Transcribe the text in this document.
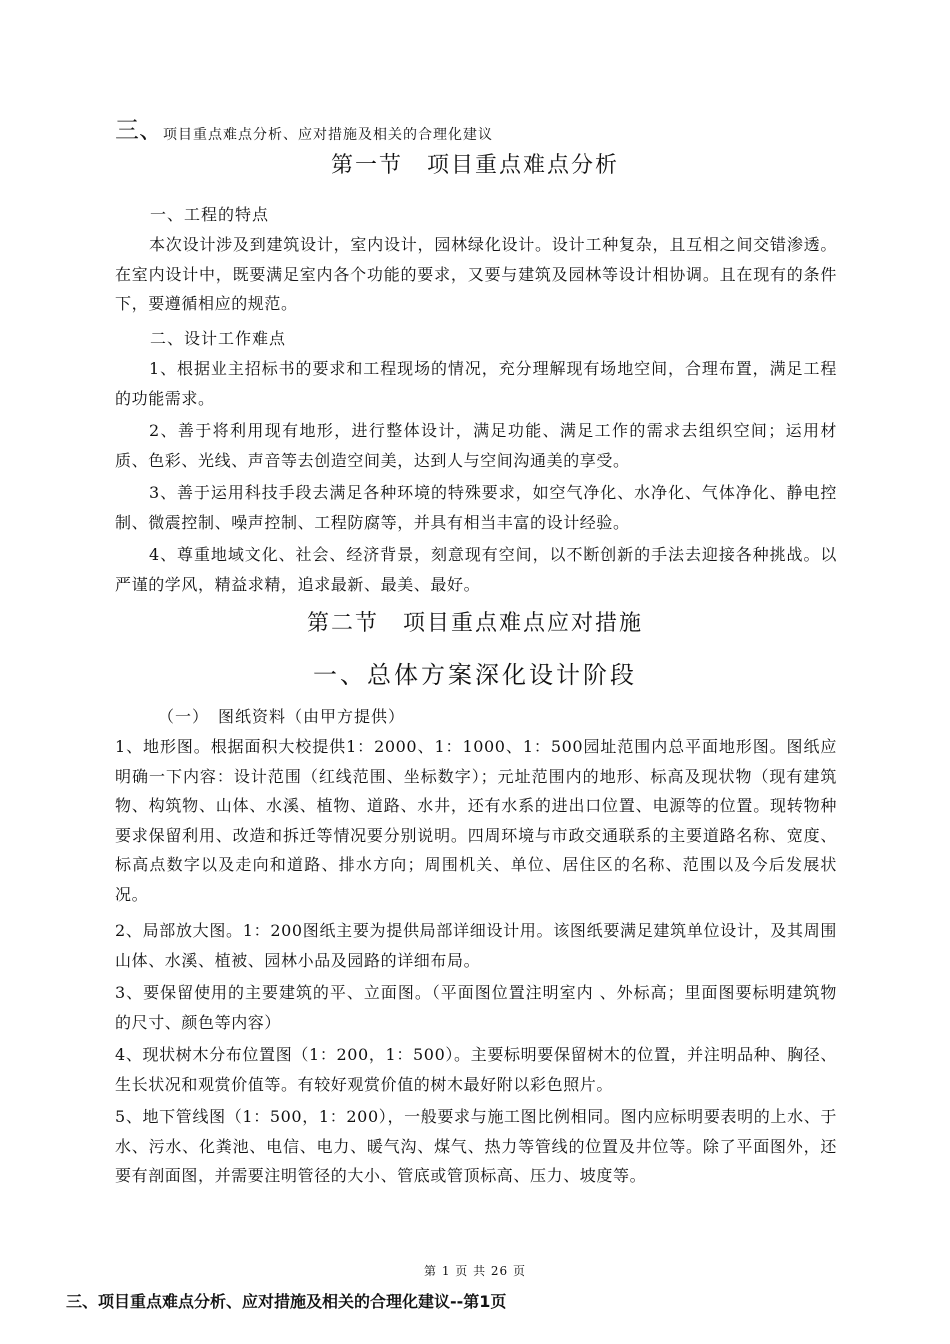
三、 项目重点难点分析、应对措施及相关的合理化建议
第一节　项目重点难点分析
一、工程的特点
本次设计涉及到建筑设计，室内设计，园林绿化设计。设计工种复杂，且互相之间交错渗透。在室内设计中，既要满足室内各个功能的要求，又要与建筑及园林等设计相协调。且在现有的条件下，要遵循相应的规范。
二、设计工作难点
1、根据业主招标书的要求和工程现场的情况，充分理解现有场地空间，合理布置，满足工程的功能需求。
2、善于将利用现有地形，进行整体设计，满足功能、满足工作的需求去组织空间；运用材质、色彩、光线、声音等去创造空间美，达到人与空间沟通美的享受。
3、善于运用科技手段去满足各种环境的特殊要求，如空气净化、水净化、气体净化、静电控制、微震控制、噪声控制、工程防腐等，并具有相当丰富的设计经验。
4、尊重地域文化、社会、经济背景，刻意现有空间，以不断创新的手法去迎接各种挑战。以严谨的学风，精益求精，追求最新、最美、最好。
第二节　项目重点难点应对措施
一、总体方案深化设计阶段
（一）　图纸资料（由甲方提供）
1、地形图。根据面积大校提供1：2000、1：1000、1：500园址范围内总平面地形图。图纸应明确一下内容：设计范围（红线范围、坐标数字）；元址范围内的地形、标高及现状物（现有建筑物、构筑物、山体、水溪、植物、道路、水井，还有水系的进出口位置、电源等的位置。现转物种要求保留利用、改造和拆迁等情况要分别说明。四周环境与市政交通联系的主要道路名称、宽度、标高点数字以及走向和道路、排水方向；周围机关、单位、居住区的名称、范围以及今后发展状况。
2、局部放大图。1：200图纸主要为提供局部详细设计用。该图纸要满足建筑单位设计，及其周围山体、水溪、植被、园林小品及园路的详细布局。
3、要保留使用的主要建筑的平、立面图。（平面图位置注明室内 、外标高；里面图要标明建筑物的尺寸、颜色等内容）
4、现状树木分布位置图（1：200，1：500）。主要标明要保留树木的位置，并注明品种、胸径、生长状况和观赏价值等。有较好观赏价值的树木最好附以彩色照片。
5、地下管线图（1：500，1：200），一般要求与施工图比例相同。图内应标明要表明的上水、于水、污水、化粪池、电信、电力、暖气沟、煤气、热力等管线的位置及井位等。除了平面图外，还要有剖面图，并需要注明管径的大小、管底或管顶标高、压力、坡度等。
第 1 页 共 26 页
三、项目重点难点分析、应对措施及相关的合理化建议--第1页
